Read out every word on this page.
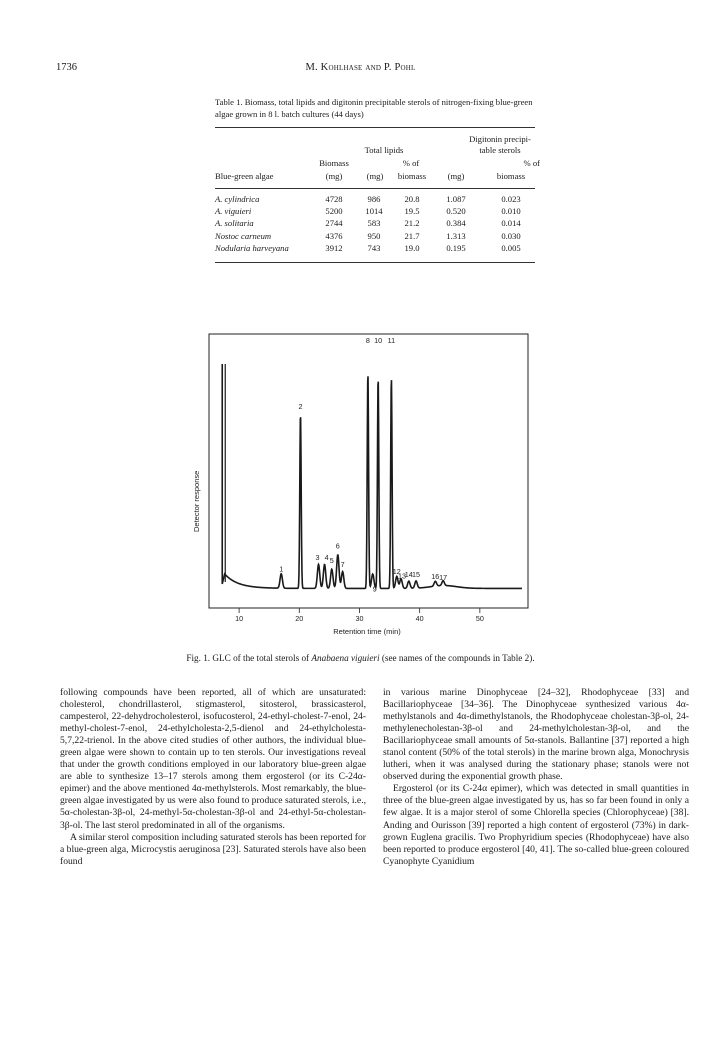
1736	M. Kohlhase and P. Pohl
Table 1. Biomass, total lipids and digitonin precipitable sterols of nitrogen-fixing blue-green algae grown in 8 l. batch cultures (44 days)
Digitonin precipi-
table sterols
Total lipids
Biomass	% of	% of
Blue-green algae	(mg)	(mg)	biomass	(mg)	biomass
A. cylindrica	4728	986	20.8	1.087	0.023
A. viguieri	5200	1014	19.5	0.520	0.010
A. solitaria	2744	583	21.2	0.384	0.014
Nostoc carneum	4376	950	21.7	1.313	0.030
Nodularia harveyana	3912	743	19.0	0.195	0.005
10	20	30	40	50
1
2
3 4 5
6
7
8
9
10 11
12
13
14 15 16 17
Detector response
Retention time (min)
Fig. 1. GLC of the total sterols of Anabaena viguieri (see names of the compounds in Table 2).

following compounds have been reported, all of which are unsaturated: cholesterol, chondrillasterol, stigmasterol, sitosterol, brassicasterol, campesterol, 22-dehydrocholesterol, isofucosterol, 24-ethyl-cholest-7-enol, 24-methyl-cholest-7-enol, 24-ethylcholesta-2,5-dienol and 24-ethylcholesta-5,7,22-trienol. In the above cited studies of other authors, the individual blue-green algae were shown to contain up to ten sterols. Our investigations reveal that under the growth conditions employed in our laboratory blue-green algae are able to synthesize 13–17 sterols among them ergosterol (or its C-24α-epimer) and the above mentioned 4α-methylsterols. Most remarkably, the blue-green algae investigated by us were also found to produce saturated sterols, i.e., 5α-cholestan-3β-ol, 24-methyl-5α-cholestan-3β-ol and 24-ethyl-5α-cholestan-3β-ol. The last sterol predominated in all of the organisms.

A similar sterol composition including saturated sterols has been reported for a blue-green alga, Microcystis aeruginosa [23]. Saturated sterols have also been found

in various marine Dinophyceae [24–32], Rhodophyceae [33] and Bacillariophyceae [34–36]. The Dinophyceae synthesized various 4α-methylstanols and 4α-dimethylstanols, the Rhodophyceae cholestan-3β-ol, 24-methylenecholestan-3β-ol and 24-methylcholestan-3β-ol, and the Bacillariophyceae small amounts of 5α-stanols. Ballantine [37] reported a high stanol content (50% of the total sterols) in the marine brown alga, Monochrysis lutheri, when it was analysed during the stationary phase; stanols were not observed during the exponential growth phase.

Ergosterol (or its C-24α epimer), which was detected in small quantities in three of the blue-green algae investigated by us, has so far been found in only a few algae. It is a major sterol of some Chlorella species (Chlorophyceae) [38]. Anding and Ourisson [39] reported a high content of ergosterol (73%) in dark-grown Euglena gracilis. Two Prophyridium species (Rhodophyceae) have also been reported to produce ergosterol [40, 41]. The so-called blue-green coloured Cyanophyte Cyanidium
